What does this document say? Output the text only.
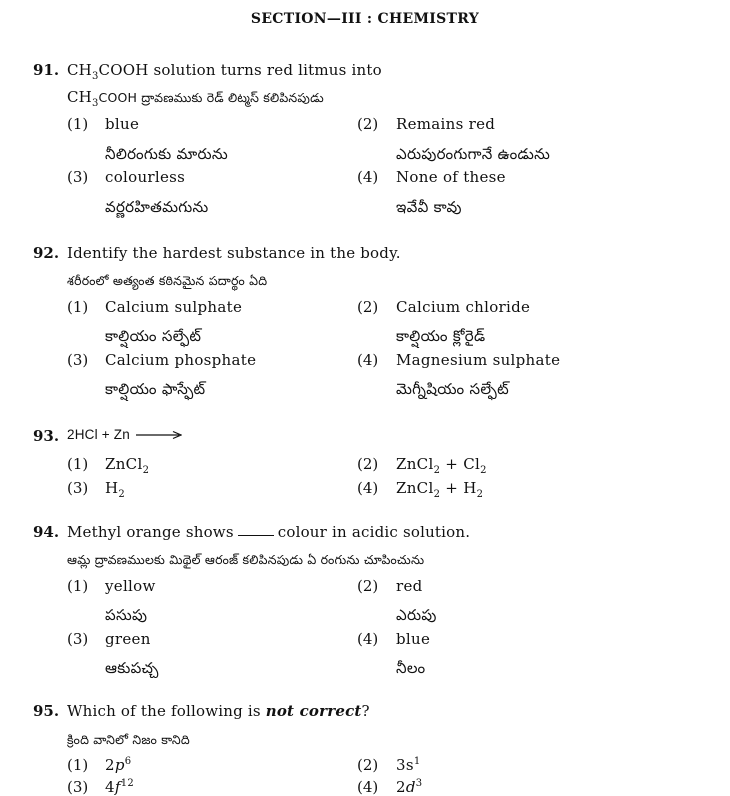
SECTION—III : CHEMISTRY
91. $CH_3COOH$ solution turns red litmus into
$CH_3COOH$ ద్రావణముకు రెడ్ లిట్మస్ కలిపినపుడు
(1) blue
నీలిరంగుకు మారును
(2) Remains red
ఎరుపురంగుగానే ఉండును
(3) colourless
వర్ణరహితమగును
(4) None of these
ఇవేవీ కావు
92. Identify the hardest substance in the body.
శరీరంలో అత్యంత కఠినమైన పదార్థం ఏది
(1) Calcium sulphate
కాల్షియం సల్ఫేట్
(2) Calcium chloride
కాల్షియం క్లోరైడ్
(3) Calcium phosphate
కాల్షియం ఫాస్ఫేట్
(4) Magnesium sulphate
మెగ్నీషియం సల్ఫేట్
93. 2HCl + Zn →
(1) ZnCl$_2$	(2) ZnCl$_2$ + $Cl_2$
(3) $H_2$	(4) ZnCl$_2$ + $H_2$
94. Methyl orange shows	colour in acidic solution.
ఆమ్ల ద్రావణములకు మిథైల్ ఆరంజ్ కలిపినపుడు ఏ రంగును చూపించును
(1) yellow
పసుపు
(2) red
ఎరుపు
(3) green
ఆకుపచ్చ
(4) blue
నీలం
95. Which of the following is not correct?
క్రింది వానిలో నిజం కానిది
(1) $2p^6$	(2) $3s^1$
(3) $4f^{12}$	(4) $2d^3$
